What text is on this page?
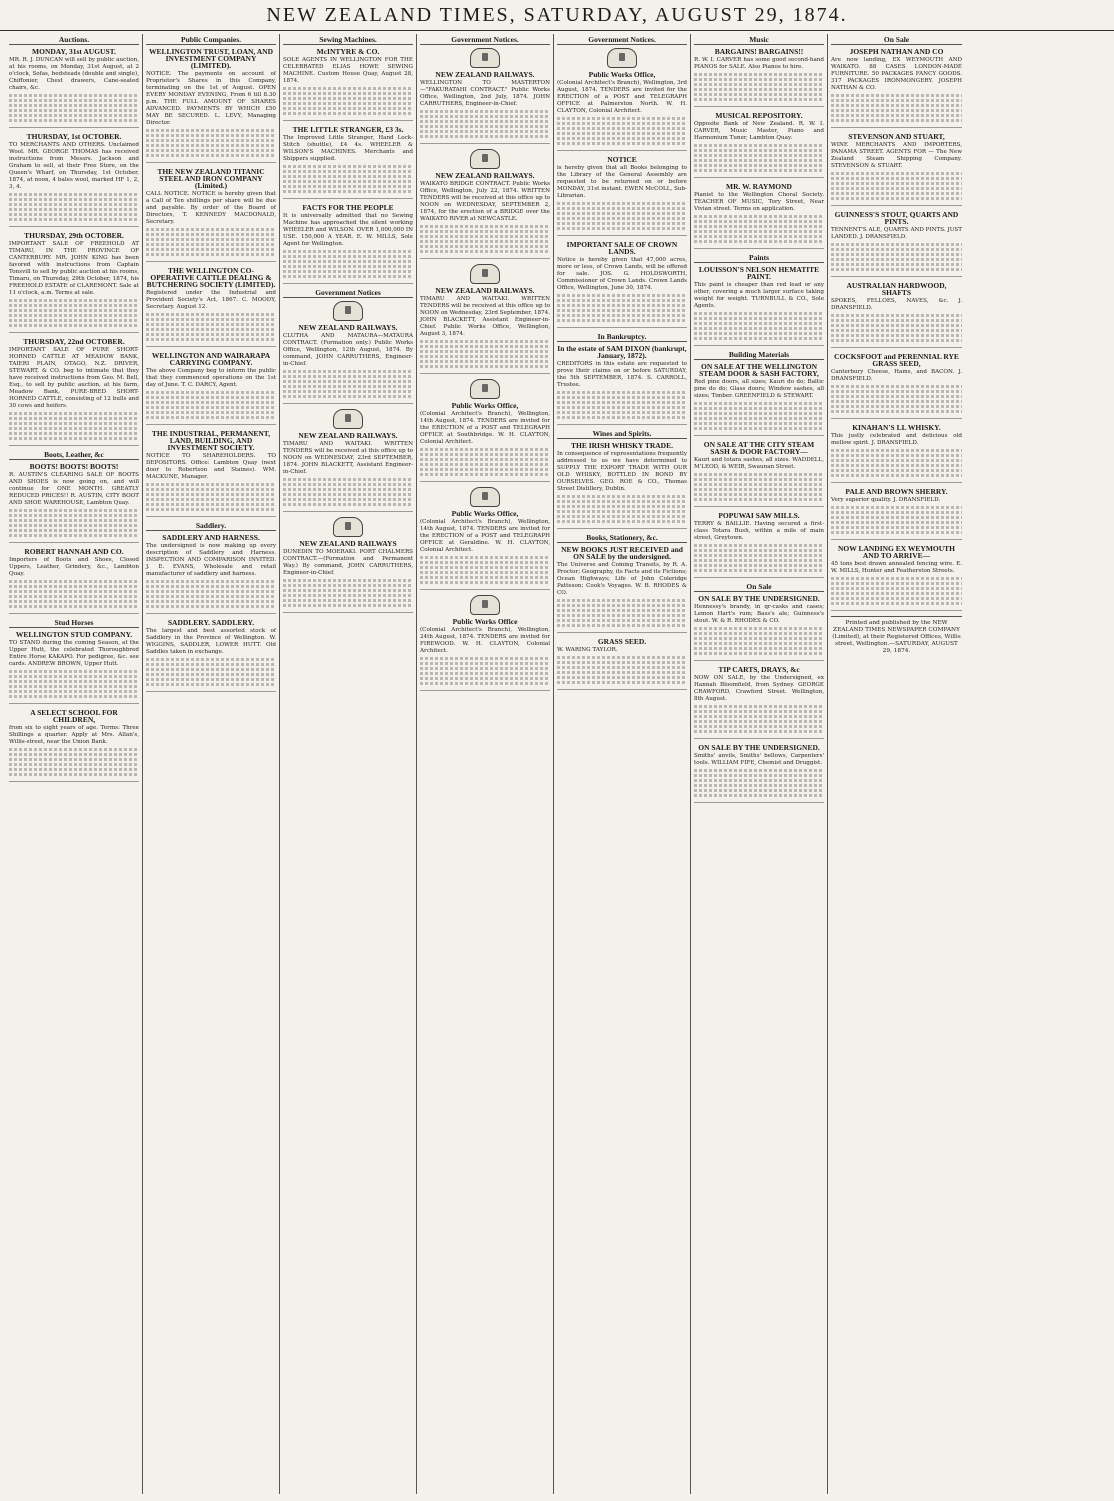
NEW ZEALAND TIMES, SATURDAY, AUGUST 29, 1874.
Auctions.
MONDAY, 31st AUGUST.

MR. R. J. DUNCAN will sell by public auction, at his rooms, on Monday, 31st August, at 2 o'clock, Sofas, bedsteads (double and single), Chiffonier, Chest drawers, Cane-seated chairs, &c.

THURSDAY, 1st OCTOBER.

TO MERCHANTS AND OTHERS. Unclaimed Wool. MR. GEORGE THOMAS has received instructions from Messrs. Jackson and Graham to sell, at their Free Store, on the Queen's Wharf, on Thursday, 1st October, 1874, at noon, 4 bales wool, marked HF 1, 2, 3, 4.

THURSDAY, 29th OCTOBER.

IMPORTANT SALE OF FREEHOLD AT TIMARU, IN THE PROVINCE OF CANTERBURY. MR. JOHN KING has been favored with instructions from Captain Tonsvill to sell by public auction at his rooms, Timaru, on Thursday, 29th October, 1874, his FREEHOLD ESTATE of CLAREMONT. Sale at 11 o'clock, a.m. Terms at sale.

THURSDAY, 22nd OCTOBER.

IMPORTANT SALE OF PURE SHORT-HORNED CATTLE AT MEADOW BANK, TAIERI PLAIN, OTAGO, N.Z. DRIVER, STEWART, & CO. beg to intimate that they have received instructions from Geo. M. Bell, Esq., to sell by public auction, at his farm, Meadow Bank, PURE-BRED SHORT-HORNED CATTLE, consisting of 12 bulls and 30 cows and heifers.

Boots, Leather, &c
BOOTS! BOOTS! BOOTS!

R. AUSTIN'S CLEARING SALE OF BOOTS AND SHOES is now going on, and will continue for ONE MONTH. GREATLY REDUCED PRICES!! R. AUSTIN, CITY BOOT AND SHOE WAREHOUSE, Lambton Quay.

ROBERT HANNAH AND CO.

Importers of Boots and Shoes, Closed Uppers, Leather, Grindery, &c., Lambton Quay.

Stud Horses
WELLINGTON STUD COMPANY.

TO STAND during the coming Season, at the Upper Hutt, the celebrated Thoroughbred Entire Horse KAKAPO. For pedigree, &c. see cards. ANDREW BROWN, Upper Hutt.

A SELECT SCHOOL FOR CHILDREN,

from six to eight years of age. Terms: Three Shillings a quarter. Apply at Mrs. Allan's, Willis-street, near the Union Bank.

Public Companies.
WELLINGTON TRUST, LOAN, AND INVESTMENT COMPANY (LIMITED).

NOTICE. The payments on account of Proprietor's Shares in this Company, terminating on the 1st of August. OPEN EVERY MONDAY EVENING, From 6 till 8.30 p.m. THE FULL AMOUNT OF SHARES ADVANCED. PAYMENTS BY WHICH £50 MAY BE SECURED. L. LEVY, Managing Director.

THE NEW ZEALAND TITANIC STEEL AND IRON COMPANY (Limited.)

CALL NOTICE. NOTICE is hereby given that a Call of Ten shillings per share will be due and payable. By order of the Board of Directors, T. KENNEDY MACDONALD, Secretary.

THE WELLINGTON CO-OPERATIVE CATTLE DEALING & BUTCHERING SOCIETY (LIMITED).

Registered under the Industrial and Provident Society's Act, 1867. C. MOODY, Secretary. August 12.

WELLINGTON AND WAIRARAPA CARRYING COMPANY.

The above Company beg to inform the public that they commenced operations on the 1st day of June. T. C. DARCY, Agent.

THE INDUSTRIAL, PERMANENT, LAND, BUILDING, AND INVESTMENT SOCIETY.

NOTICE TO SHAREHOLDERS. TO DEPOSITORS. Office: Lambton Quay (next door to Robertson and Staines). WM. MACKUNE, Manager.

Saddlery.
SADDLERY AND HARNESS.

The undersigned is now making up every description of Saddlery and Harness. INSPECTION AND COMPARISON INVITED. J. E. EVANS, Wholesale and retail manufacturer of saddlery and harness.

SADDLERY. SADDLERY.

The largest and best assorted stock of Saddlery in the Province of Wellington. W. WIGGINS, SADDLER, LOWER HUTT. Old Saddles taken in exchange.

Sewing Machines.
McINTYRE & CO.

SOLE AGENTS IN WELLINGTON FOR THE CELEBRATED ELIAS HOWE SEWING MACHINE. Custom House Quay, August 28, 1874.

THE LITTLE STRANGER, £3 3s.

The Improved Little Stranger, Hand Lock-Stitch (shuttle), £4 4s. WHEELER & WILSON'S MACHINES. Merchants and Shippers supplied.

FACTS FOR THE PEOPLE

It is universally admitted that no Sewing Machine has approached the silent working WHEELER and WILSON. OVER 1,000,000 IN USE. 150,000 A YEAR. E. W. MILLS, Sole Agent for Wellington.

Government Notices
NEW ZEALAND RAILWAYS.

CLUTHA AND MATAURA—MATAURA CONTRACT. (Formation only.) Public Works Office, Wellington, 12th August, 1874. By command, JOHN CARRUTHERS, Engineer-in-Chief.

NEW ZEALAND RAILWAYS.

TIMARU AND WAITAKI. WRITTEN TENDERS will be received at this office up to NOON on WEDNESDAY, 23rd SEPTEMBER, 1874. JOHN BLACKETT, Assistant Engineer-in-Chief.

NEW ZEALAND RAILWAYS

DUNEDIN TO MOERAKI. PORT CHALMERS CONTRACT.—(Formation and Permanent Way.) By command, JOHN CARRUTHERS, Engineer-in-Chief.

Government Notices.
NEW ZEALAND RAILWAYS.

WELLINGTON TO MASTERTON—"FAKURATAHI CONTRACT." Public Works Office, Wellington, 2nd July, 1874. JOHN CARRUTHERS, Engineer-in-Chief.

NEW ZEALAND RAILWAYS.

WAIKATO BRIDGE CONTRACT. Public Works Office, Wellington, July 22, 1874. WRITTEN TENDERS will be received at this office up to NOON on WEDNESDAY, SEPTEMBER 2, 1874, for the erection of a BRIDGE over the WAIKATO RIVER at NEWCASTLE.

NEW ZEALAND RAILWAYS.

TIMARU AND WAITAKI. WRITTEN TENDERS will be received at this office up to NOON on Wednesday, 23rd September, 1874. JOHN BLACKETT, Assistant Engineer-in-Chief. Public Works Office, Wellington, August 3, 1874.

Public Works Office,

(Colonial Architect's Branch), Wellington, 14th August, 1874. TENDERS are invited for the ERECTION of a POST and TELEGRAPH OFFICE at Southbridge. W. H. CLAYTON, Colonial Architect.

Public Works Office,

(Colonial Architect's Branch), Wellington, 14th August, 1874. TENDERS are invited for the ERECTION of a POST and TELEGRAPH OFFICE at Geraldine. W. H. CLAYTON, Colonial Architect.

Public Works Office

(Colonial Architect's Branch), Wellington, 24th August, 1874. TENDERS are invited for FIREWOOD. W. H. CLAYTON, Colonial Architect.

Government Notices.
Public Works Office,

(Colonial Architect's Branch), Wellington, 3rd August, 1874. TENDERS are invited for the ERECTION of a POST and TELEGRAPH OFFICE at Palmerston North. W. H. CLAYTON, Colonial Architect.

NOTICE

is hereby given that all Books belonging to the Library of the General Assembly are requested to be returned on or before MONDAY, 31st instant. EWEN McCOLL, Sub-Librarian.

IMPORTANT SALE OF CROWN LANDS.

Notice is hereby given that 47,000 acres, more or less, of Crown Lands, will be offered for sale. JOS. G. HOLDSWORTH, Commissioner of Crown Lands. Crown Lands Office, Wellington, June 30, 1874.

In Bankruptcy.
In the estate of SAM DIXON (bankrupt, January, 1872).

CREDITORS in this estate are requested to prove their claims on or before SATURDAY, the 5th SEPTEMBER, 1874. S. CARROLL, Trustee.

Wines and Spirits.
THE IRISH WHISKY TRADE.

In consequence of representations frequently addressed to us we have determined to SUPPLY THE EXPORT TRADE WITH OUR OLD WHISKY, BOTTLED IN BOND BY OURSELVES. GEO. ROE & CO., Thomas Street Distillery, Dublin.

Books, Stationery, &c.
NEW BOOKS JUST RECEIVED and ON SALE by the undersigned.

The Universe and Coming Transits, by R. A. Proctor; Geography, its Facts and its Fictions; Ocean Highways; Life of John Coleridge Patteson; Cook's Voyages. W. B. RHODES & CO.

GRASS SEED.

W. WARING TAYLOR.

Music
BARGAINS! BARGAINS!!

R. W. I. CARVER has some good second-hand PIANOS for SALE. Also Pianos to hire.

MUSICAL REPOSITORY.

Opposite Bank of New Zealand. R. W. I. CARVER, Music Master, Piano and Harmonium Tuner, Lambton Quay.

MR. W. RAYMOND

Pianist to the Wellington Choral Society. TEACHER OF MUSIC, Tory Street, Near Vivian street. Terms on application.

Paints
LOUISSON'S NELSON HEMATITE PAINT.

This paint is cheaper than red lead or any other, covering a much larger surface taking weight for weight. TURNBULL & CO., Sole Agents.

Building Materials
ON SALE AT THE WELLINGTON STEAM DOOR & SASH FACTORY,

Red pine doors, all sizes; Kauri do do; Baltic pine do do; Glass doors; Window sashes, all sizes; Timber. GREENFIELD & STEWART.

ON SALE AT THE CITY STEAM SASH & DOOR FACTORY—

Kauri and totara sashes, all sizes. WADDELL, M'LEOD, & WEIR, Swaunan Street.

POPUWAI SAW MILLS.

TERRY & BAILLIE. Having secured a first-class Totara Bush, within a mile of main street, Greytown.

On Sale
ON SALE BY THE UNDERSIGNED.

Hennessy's brandy, in qr-casks and cases; Lemon Hart's rum; Bass's ale; Guinness's stout. W. & R. RHODES & CO.

TIP CARTS, DRAYS, &c

NOW ON SALE, by the Undersigned, ex Hannah Bloomfield, from Sydney. GEORGE CRAWFORD, Crawford Street. Wellington, 8th August.

ON SALE BY THE UNDERSIGNED.

Smiths' anvils, Smiths' bellows, Carpenters' tools. WILLIAM FIFE, Chemist and Druggist.

On Sale
JOSEPH NATHAN AND CO

Are now landing, EX WEYMOUTH AND WAIKATO. 88 CASES LONDON-MADE FURNITURE. 50 PACKAGES FANCY GOODS. 317 PACKAGES IRONMONGERY. JOSEPH NATHAN & CO.

STEVENSON AND STUART,

WINE MERCHANTS AND IMPORTERS, PANAMA STREET. AGENTS FOR — The New Zealand Steam Shipping Company. STEVENSON & STUART.

GUINNESS'S STOUT, QUARTS AND PINTS.

TENNENT'S ALE, QUARTS AND PINTS. JUST LANDED. J. DRANSFIELD.

AUSTRALIAN HARDWOOD, SHAFTS

SPOKES, FELLOES, NAVES, &c. J. DRANSFIELD.

COCKSFOOT and PERENNIAL RYE GRASS SEED,

Canterbury Cheese, Hams, and BACON. J. DRANSFIELD.

KINAHAN'S LL WHISKY.

This justly celebrated and delicious old mellow spirit. J. DRANSFIELD.

PALE AND BROWN SHERRY.

Very superior quality. J. DRANSFIELD.

NOW LANDING EX WEYMOUTH AND TO ARRIVE—

45 tons best drawn annealed fencing wire. E. W. MILLS, Hunter and Featherston Streets.

Printed and published by the NEW ZEALAND TIMES NEWSPAPER COMPANY (Limited), at their Registered Offices, Willis street, Wellington.—SATURDAY, AUGUST 29, 1874.
